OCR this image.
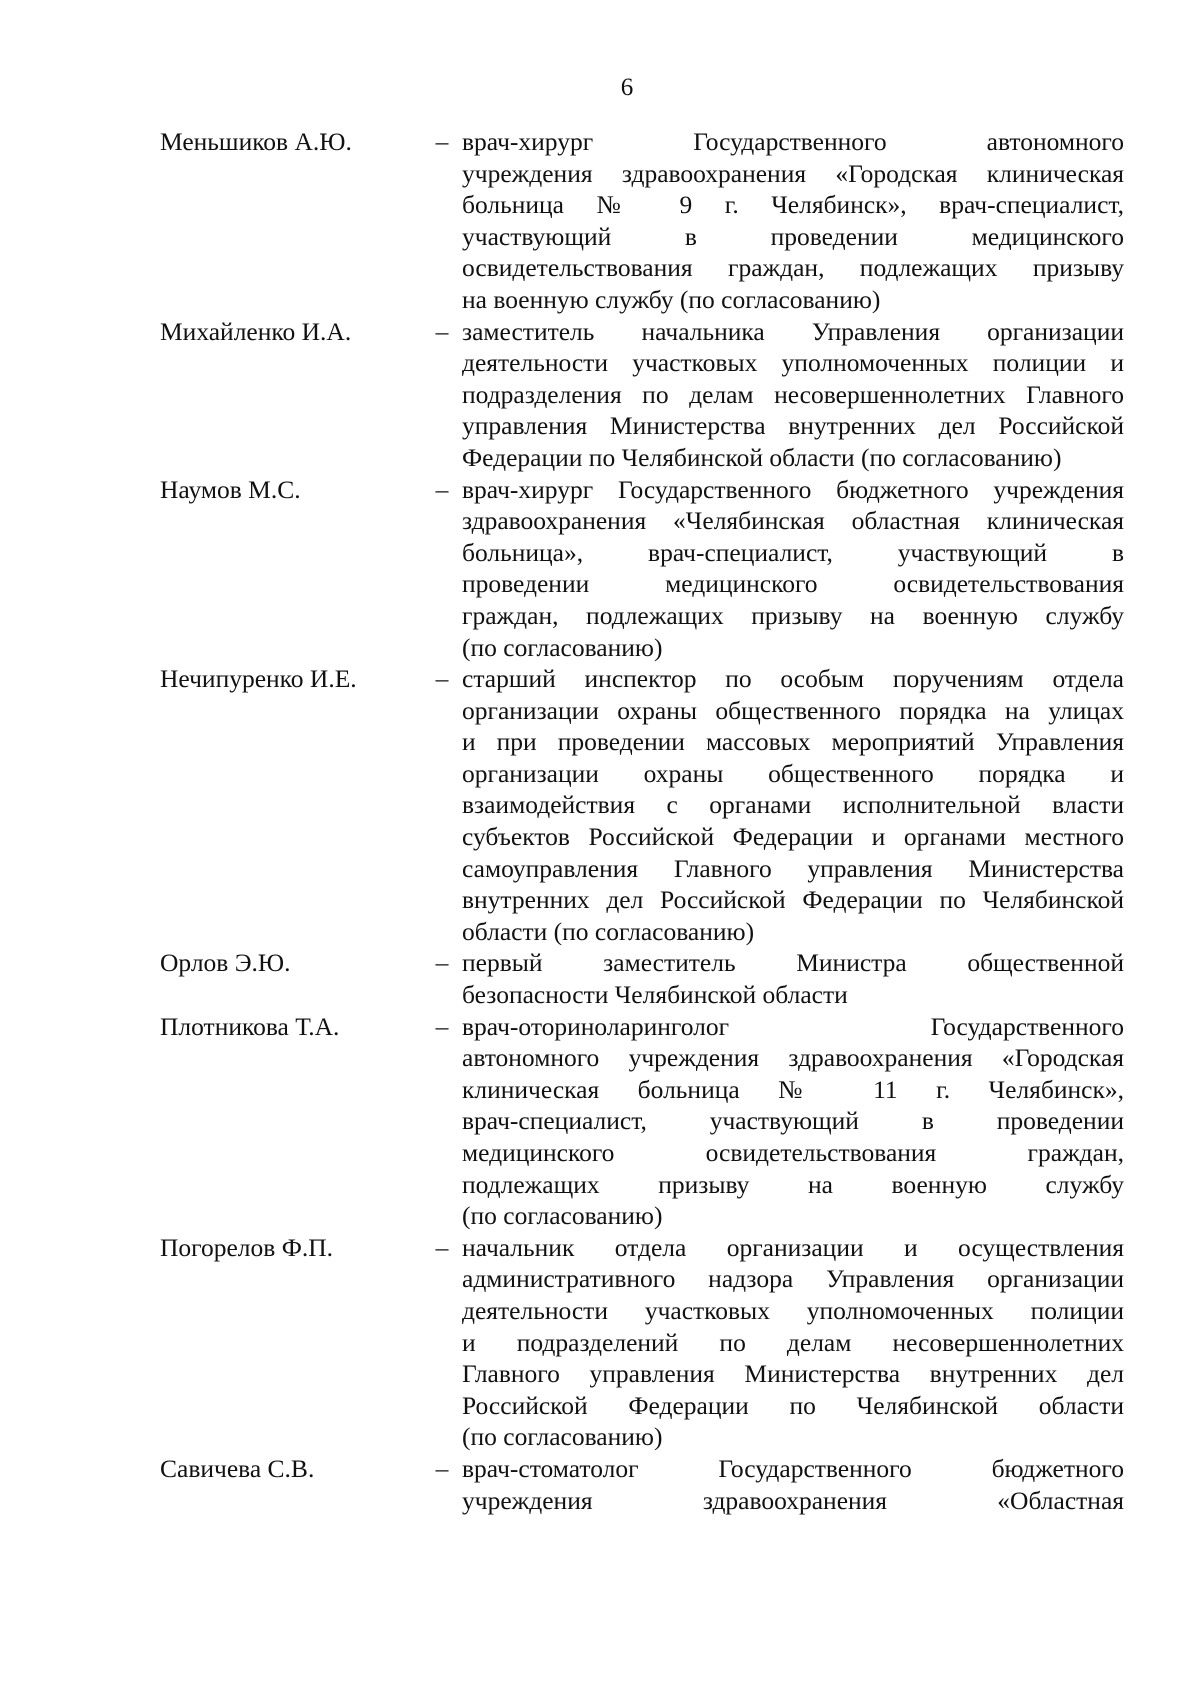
6
Меньшиков А.Ю.	– врач-хирург Государственного автономного
учреждения здравоохранения «Городская клиническая
больница № 9 г. Челябинск», врач-специалист,
участвующий в проведении медицинского
освидетельствования граждан, подлежащих призыву
на военную службу (по согласованию)
Михайленко И.А.	– заместитель начальника Управления организации
деятельности участковых уполномоченных полиции и
подразделения по делам несовершеннолетних Главного
управления Министерства внутренних дел Российской
Федерации по Челябинской области (по согласованию)
Наумов М.С.	– врач-хирург Государственного бюджетного учреждения
здравоохранения «Челябинская областная клиническая
больница», врач-специалист, участвующий в
проведении медицинского освидетельствования
граждан, подлежащих призыву на военную службу
(по согласованию)
Нечипуренко И.Е.	– старший инспектор по особым поручениям отдела
организации охраны общественного порядка на улицах
и при проведении массовых мероприятий Управления
организации охраны общественного порядка и
взаимодействия с органами исполнительной власти
субъектов Российской Федерации и органами местного
самоуправления Главного управления Министерства
внутренних дел Российской Федерации по Челябинской
области (по согласованию)
Орлов Э.Ю.	– первый заместитель Министра общественной
безопасности Челябинской области
Плотникова Т.А.	– врач-оториноларинголог Государственного
автономного учреждения здравоохранения «Городская
клиническая больница № 11 г. Челябинск»,
врач-специалист, участвующий в проведении
медицинского освидетельствования граждан,
подлежащих призыву на военную службу
(по согласованию)
Погорелов Ф.П.	– начальник отдела организации и осуществления
административного надзора Управления организации
деятельности участковых уполномоченных полиции
и подразделений по делам несовершеннолетних
Главного управления Министерства внутренних дел
Российской Федерации по Челябинской области
(по согласованию)
Савичева С.В.	– врач-стоматолог Государственного бюджетного
учреждения здравоохранения «Областная
